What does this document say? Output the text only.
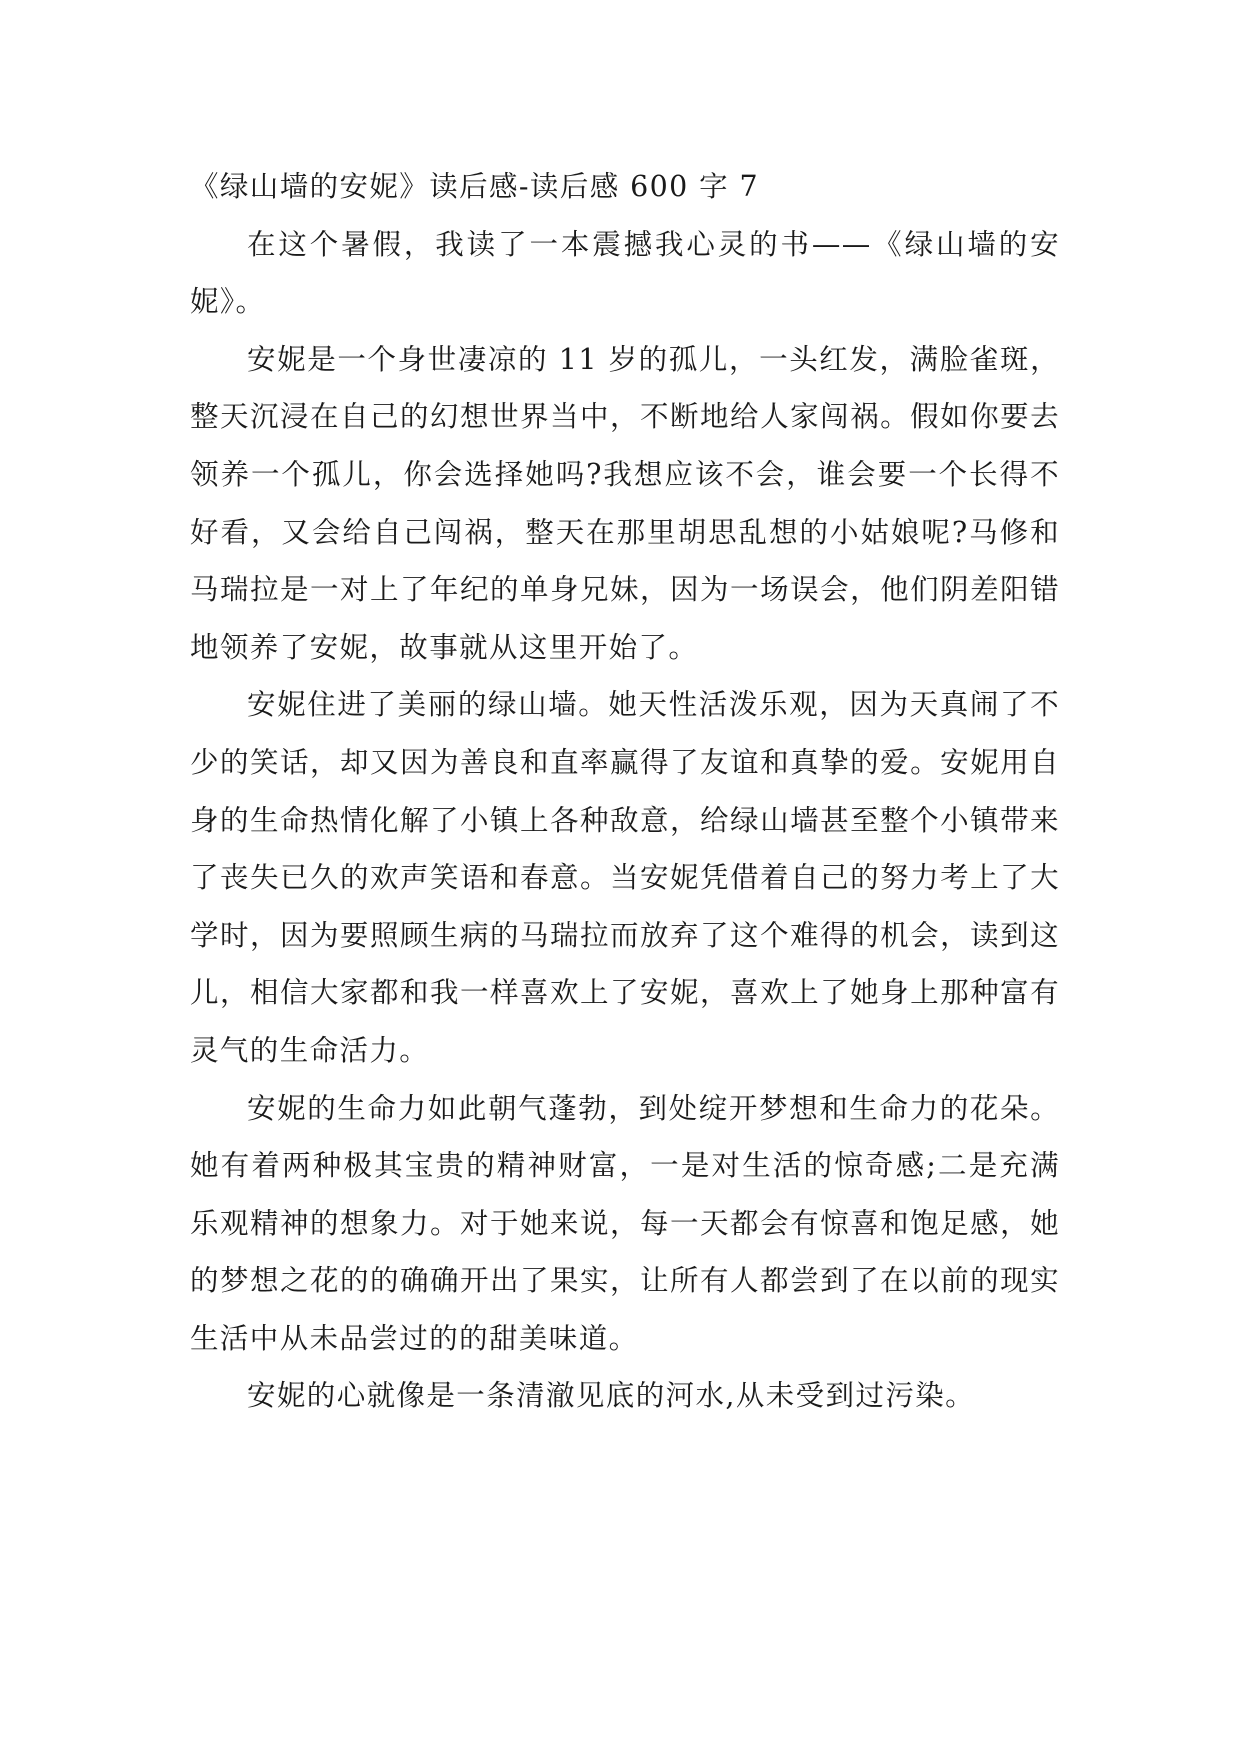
《绿山墙的安妮》读后感-读后感 600 字 7

在这个暑假，我读了一本震撼我心灵的书——《绿山墙的安妮》。

安妮是一个身世凄凉的 11 岁的孤儿，一头红发，满脸雀斑，整天沉浸在自己的幻想世界当中，不断地给人家闯祸。假如你要去领养一个孤儿，你会选择她吗?我想应该不会，谁会要一个长得不好看，又会给自己闯祸，整天在那里胡思乱想的小姑娘呢?马修和马瑞拉是一对上了年纪的单身兄妹，因为一场误会，他们阴差阳错地领养了安妮，故事就从这里开始了。

安妮住进了美丽的绿山墙。她天性活泼乐观，因为天真闹了不少的笑话，却又因为善良和直率赢得了友谊和真挚的爱。安妮用自身的生命热情化解了小镇上各种敌意，给绿山墙甚至整个小镇带来了丧失已久的欢声笑语和春意。当安妮凭借着自己的努力考上了大学时，因为要照顾生病的马瑞拉而放弃了这个难得的机会，读到这儿，相信大家都和我一样喜欢上了安妮，喜欢上了她身上那种富有灵气的生命活力。

安妮的生命力如此朝气蓬勃，到处绽开梦想和生命力的花朵。她有着两种极其宝贵的精神财富，一是对生活的惊奇感;二是充满乐观精神的想象力。对于她来说，每一天都会有惊喜和饱足感，她的梦想之花的的确确开出了果实，让所有人都尝到了在以前的现实生活中从未品尝过的的甜美味道。

安妮的心就像是一条清澈见底的河水,从未受到过污染。
